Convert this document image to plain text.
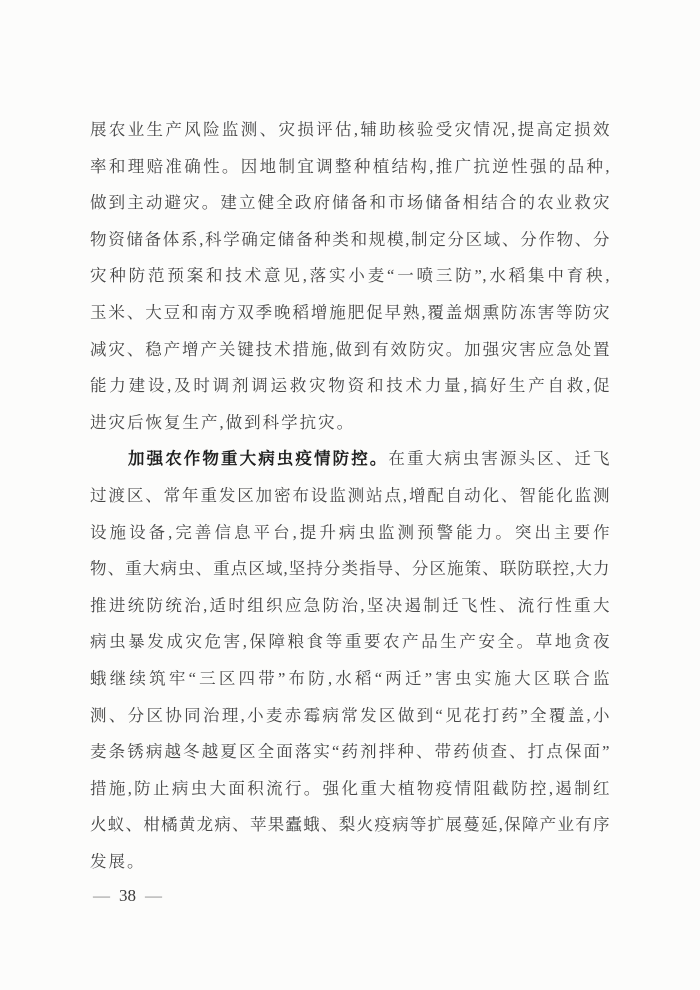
展农业生产风险监测、灾损评估,辅助核验受灾情况,提高定损效
率和理赔准确性。因地制宜调整种植结构,推广抗逆性强的品种,
做到主动避灾。建立健全政府储备和市场储备相结合的农业救灾
物资储备体系,科学确定储备种类和规模,制定分区域、分作物、分
灾种防范预案和技术意见,落实小麦“一喷三防”,水稻集中育秧,
玉米、大豆和南方双季晚稻增施肥促早熟,覆盖烟熏防冻害等防灾
减灾、稳产增产关键技术措施,做到有效防灾。加强灾害应急处置
能力建设,及时调剂调运救灾物资和技术力量,搞好生产自救,促
进灾后恢复生产,做到科学抗灾。
加强农作物重大病虫疫情防控。在重大病虫害源头区、迁飞
过渡区、常年重发区加密布设监测站点,增配自动化、智能化监测
设施设备,完善信息平台,提升病虫监测预警能力。突出主要作
物、重大病虫、重点区域,坚持分类指导、分区施策、联防联控,大力
推进统防统治,适时组织应急防治,坚决遏制迁飞性、流行性重大
病虫暴发成灾危害,保障粮食等重要农产品生产安全。草地贪夜
蛾继续筑牢“三区四带”布防,水稻“两迁”害虫实施大区联合监
测、分区协同治理,小麦赤霉病常发区做到“见花打药”全覆盖,小
麦条锈病越冬越夏区全面落实“药剂拌种、带药侦查、打点保面”
措施,防止病虫大面积流行。强化重大植物疫情阻截防控,遏制红
火蚁、柑橘黄龙病、苹果蠹蛾、梨火疫病等扩展蔓延,保障产业有序
发展。
— 38 —
